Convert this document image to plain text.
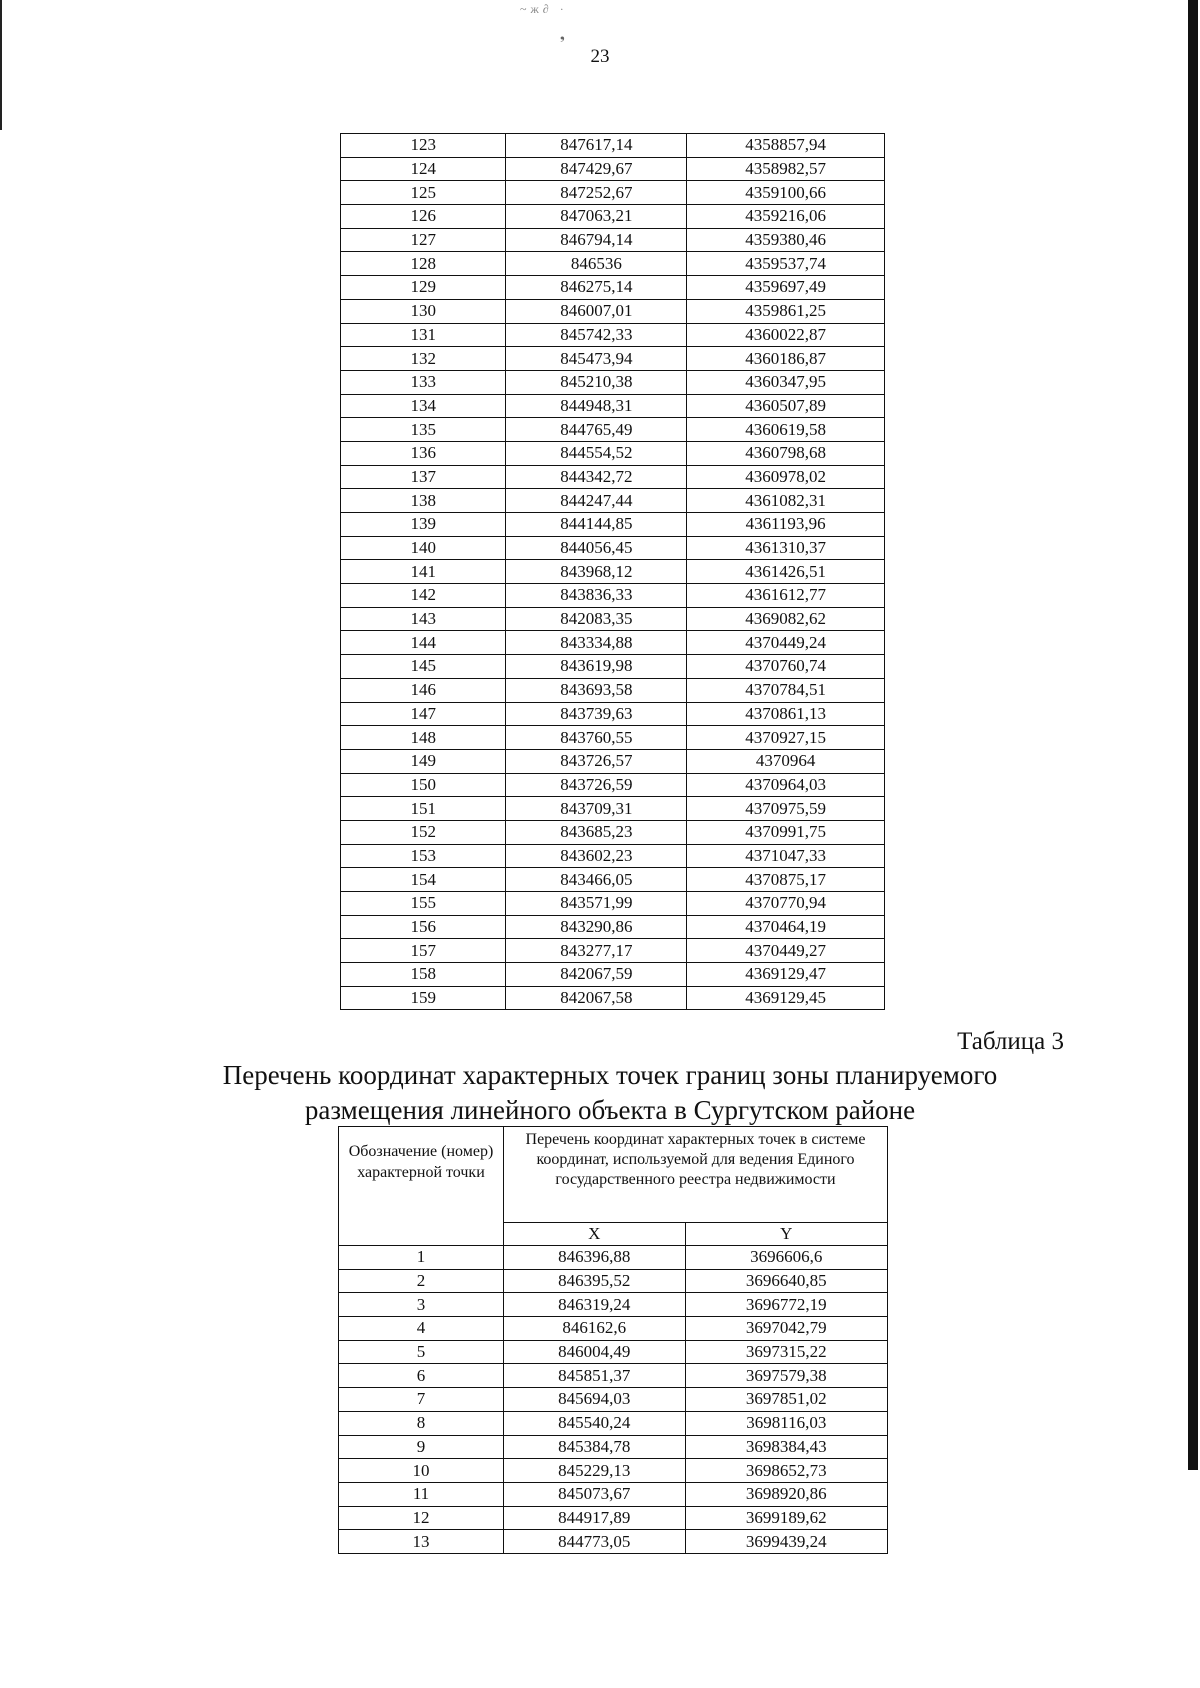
~ж∂ ·
❟
23
123	847617,14	4358857,94
124	847429,67	4358982,57
125	847252,67	4359100,66
126	847063,21	4359216,06
127	846794,14	4359380,46
128	846536	4359537,74
129	846275,14	4359697,49
130	846007,01	4359861,25
131	845742,33	4360022,87
132	845473,94	4360186,87
133	845210,38	4360347,95
134	844948,31	4360507,89
135	844765,49	4360619,58
136	844554,52	4360798,68
137	844342,72	4360978,02
138	844247,44	4361082,31
139	844144,85	4361193,96
140	844056,45	4361310,37
141	843968,12	4361426,51
142	843836,33	4361612,77
143	842083,35	4369082,62
144	843334,88	4370449,24
145	843619,98	4370760,74
146	843693,58	4370784,51
147	843739,63	4370861,13
148	843760,55	4370927,15
149	843726,57	4370964
150	843726,59	4370964,03
151	843709,31	4370975,59
152	843685,23	4370991,75
153	843602,23	4371047,33
154	843466,05	4370875,17
155	843571,99	4370770,94
156	843290,86	4370464,19
157	843277,17	4370449,27
158	842067,59	4369129,47
159	842067,58	4369129,45
Таблица 3
Перечень координат характерных точек границ зоны планируемого размещения линейного объекта в Сургутском районе
Обозначение (номер) характерной точки	Перечень координат характерных точек в системе координат, используемой для ведения Единого государственного реестра недвижимости	
	X	Y
1	846396,88	3696606,6
2	846395,52	3696640,85
3	846319,24	3696772,19
4	846162,6	3697042,79
5	846004,49	3697315,22
6	845851,37	3697579,38
7	845694,03	3697851,02
8	845540,24	3698116,03
9	845384,78	3698384,43
10	845229,13	3698652,73
11	845073,67	3698920,86
12	844917,89	3699189,62
13	844773,05	3699439,24
